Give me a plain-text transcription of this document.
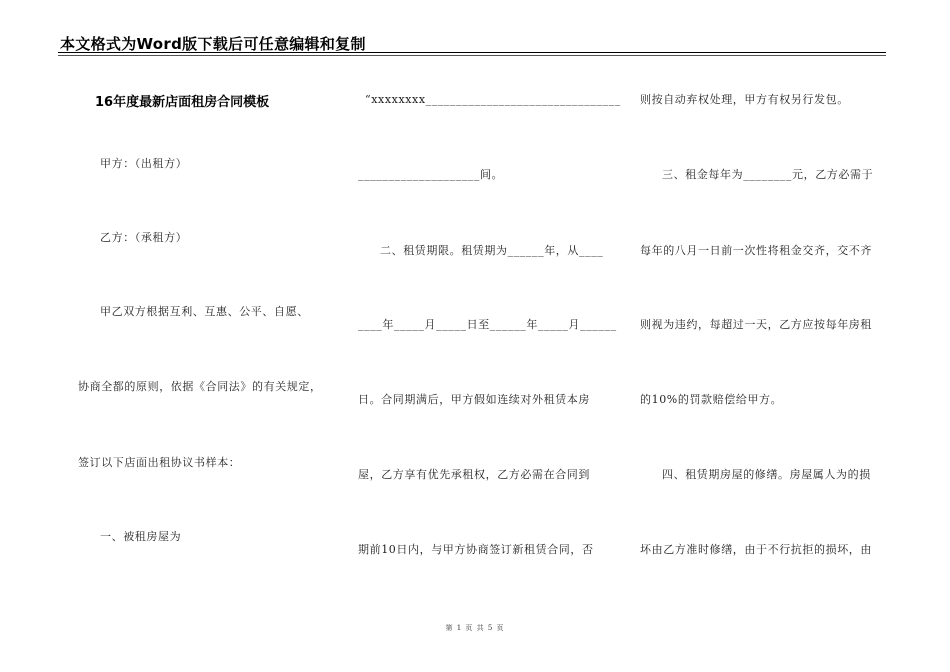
本文格式为Word版下载后可任意编辑和复制
16年度最新店面租房合同模板
甲方：（出租方）
乙方：（承租方）
甲乙双方根据互利、互惠、公平、自愿、
协商全都的原则，依据《合同法》的有关规定，
签订以下店面出租协议书样本：
一、被租房屋为
“xxxxxxxx________________________________
____________________间。
二、租赁期限。租赁期为______年，从____
____年_____月_____日至______年_____月______
日。合同期满后，甲方假如连续对外租赁本房
屋，乙方享有优先承租权，乙方必需在合同到
期前10日内，与甲方协商签订新租赁合同，否
则按自动弃权处理，甲方有权另行发包。
三、租金每年为________元，乙方必需于
每年的八月一日前一次性将租金交齐，交不齐
则视为违约，每超过一天，乙方应按每年房租
的10%的罚款赔偿给甲方。
四、租赁期房屋的修缮。房屋属人为的损
坏由乙方准时修缮，由于不行抗拒的损坏，由
第 1 页 共 5 页
